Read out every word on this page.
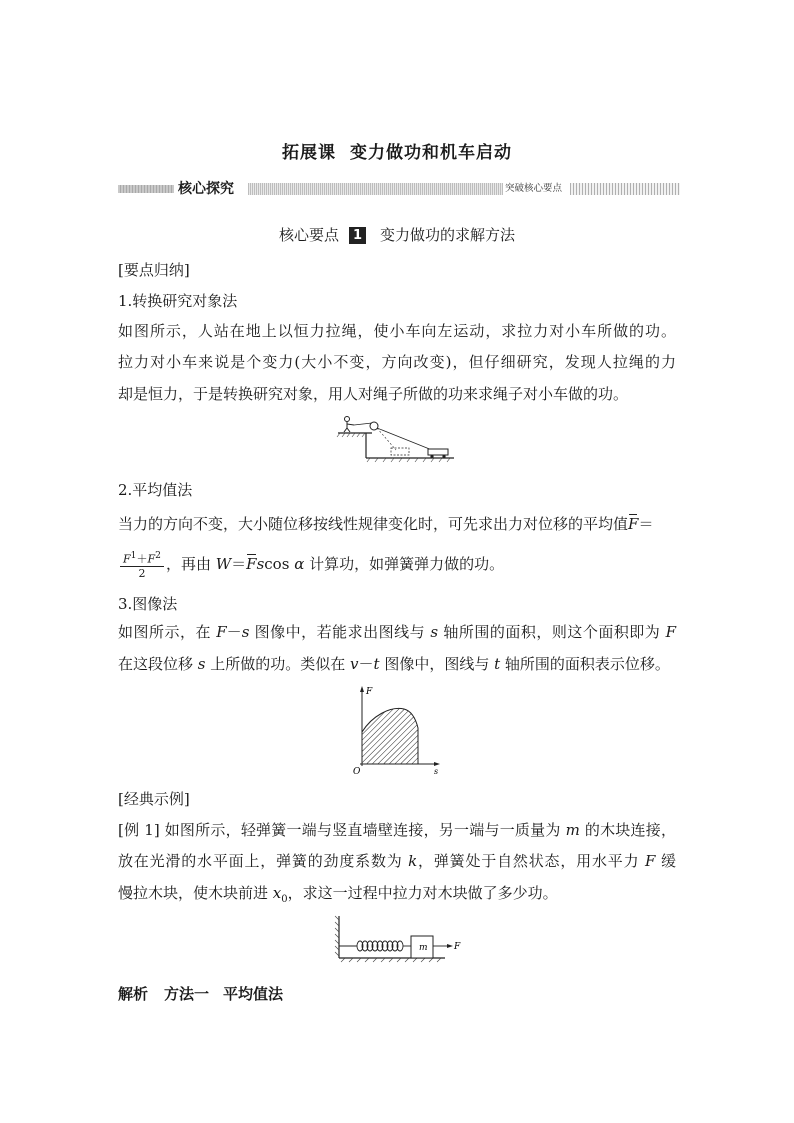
拓展课 变力做功和机车启动
核心探究	突破核心要点
核心要点 1 变力做功的求解方法
[要点归纳]
1.转换研究对象法
如图所示，人站在地上以恒力拉绳，使小车向左运动，求拉力对小车所做的功。
拉力对小车来说是个变力(大小不变，方向改变)，但仔细研究，发现人拉绳的力
却是恒力，于是转换研究对象，用人对绳子所做的功来求绳子对小车做的功。
2.平均值法
当力的方向不变，大小随位移按线性规律变化时，可先求出力对位移的平均值F＝
$\frac{F^1+F^2}{2}$ ，再由 W＝Fscos α 计算功，如弹簧弹力做的功。
3.图像法
如图所示，在 F－s 图像中，若能求出图线与 s 轴所围的面积，则这个面积即为 F
在这段位移 s 上所做的功。类似在 v－t 图像中，图线与 t 轴所围的面积表示位移。
F
s
O
[经典示例]
[例 1] 如图所示，轻弹簧一端与竖直墙壁连接，另一端与一质量为 m 的木块连接，
放在光滑的水平面上，弹簧的劲度系数为 k，弹簧处于自然状态，用水平力 F 缓
慢拉木块，使木块前进 $x_0$，求这一过程中拉力对木块做了多少功。
m	F
解析 方法一 平均值法
